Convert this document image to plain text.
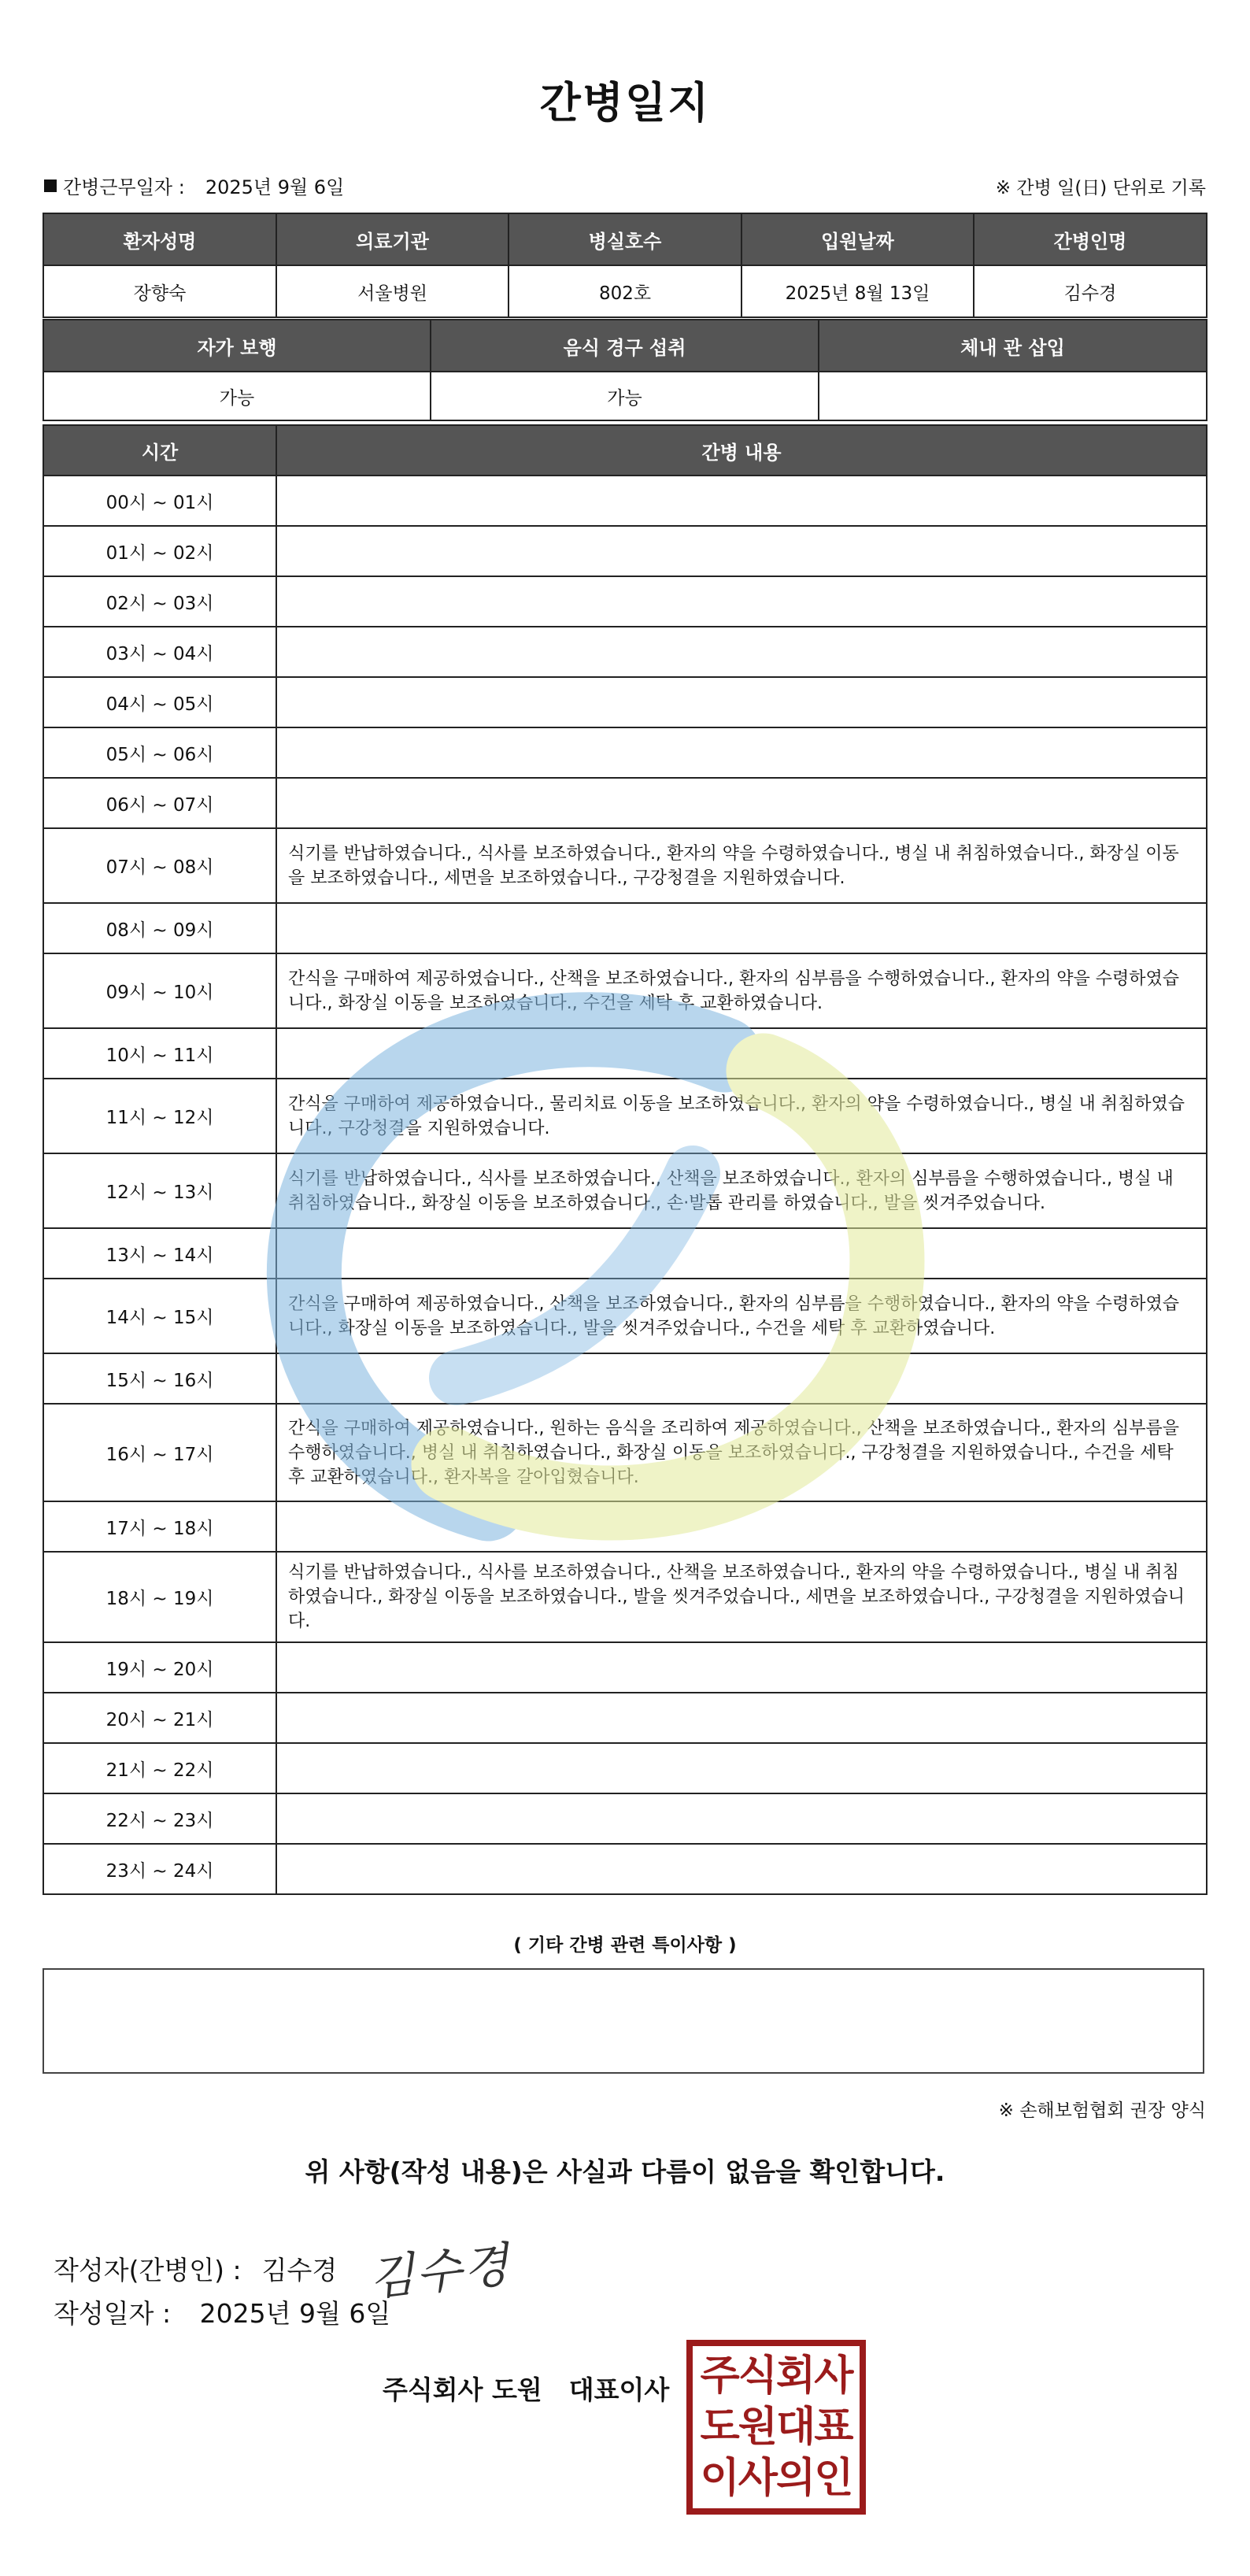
간병일지
간병근무일자 : 2025년 9월 6일	※ 간병 일(日) 단위로 기록
환자성명	의료기관	병실호수	입원날짜	간병인명
장향숙	서울병원	802호	2025년 8월 13일	김수경
자가 보행	음식 경구 섭취	체내 관 삽입
가능	가능	
시간	간병 내용
00시 ~ 01시	
01시 ~ 02시	
02시 ~ 03시	
03시 ~ 04시	
04시 ~ 05시	
05시 ~ 06시	
06시 ~ 07시	
07시 ~ 08시	식기를 반납하였습니다., 식사를 보조하였습니다., 환자의 약을 수령하였습니다., 병실 내 취침하였습니다., 화장실 이동을 보조하였습니다., 세면을 보조하였습니다., 구강청결을 지원하였습니다.
08시 ~ 09시	
09시 ~ 10시	간식을 구매하여 제공하였습니다., 산책을 보조하였습니다., 환자의 심부름을 수행하였습니다., 환자의 약을 수령하였습니다., 화장실 이동을 보조하였습니다., 수건을 세탁 후 교환하였습니다.
10시 ~ 11시	
11시 ~ 12시	간식을 구매하여 제공하였습니다., 물리치료 이동을 보조하였습니다., 환자의 약을 수령하였습니다., 병실 내 취침하였습니다., 구강청결을 지원하였습니다.
12시 ~ 13시	식기를 반납하였습니다., 식사를 보조하였습니다., 산책을 보조하였습니다., 환자의 심부름을 수행하였습니다., 병실 내 취침하였습니다., 화장실 이동을 보조하였습니다., 손·발톱 관리를 하였습니다., 발을 씻겨주었습니다.
13시 ~ 14시	
14시 ~ 15시	간식을 구매하여 제공하였습니다., 산책을 보조하였습니다., 환자의 심부름을 수행하였습니다., 환자의 약을 수령하였습니다., 화장실 이동을 보조하였습니다., 발을 씻겨주었습니다., 수건을 세탁 후 교환하였습니다.
15시 ~ 16시	
16시 ~ 17시	간식을 구매하여 제공하였습니다., 원하는 음식을 조리하여 제공하였습니다., 산책을 보조하였습니다., 환자의 심부름을 수행하였습니다., 병실 내 취침하였습니다., 화장실 이동을 보조하였습니다., 구강청결을 지원하였습니다., 수건을 세탁 후 교환하였습니다., 환자복을 갈아입혔습니다.
17시 ~ 18시	
18시 ~ 19시	식기를 반납하였습니다., 식사를 보조하였습니다., 산책을 보조하였습니다., 환자의 약을 수령하였습니다., 병실 내 취침하였습니다., 화장실 이동을 보조하였습니다., 발을 씻겨주었습니다., 세면을 보조하였습니다., 구강청결을 지원하였습니다.
19시 ~ 20시	
20시 ~ 21시	
21시 ~ 22시	
22시 ~ 23시	
23시 ~ 24시	
( 기타 간병 관련 특이사항 )
※ 손해보험협회 권장 양식
위 사항(작성 내용)은 사실과 다름이 없음을 확인합니다.
작성자(간병인) : 김수경 김수경
작성일자 : 2025년 9월 6일
주식회사 도원 대표이사 주식회사
도원대표
이사의인
